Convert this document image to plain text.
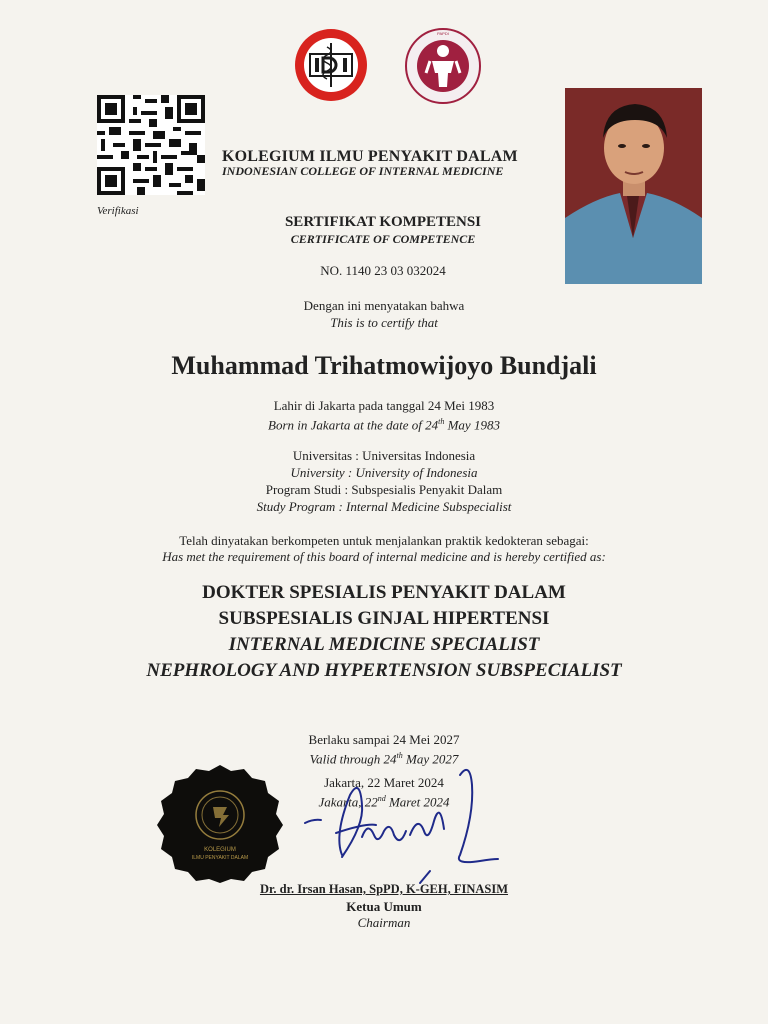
PAPDI
Verifikasi
KOLEGIUM ILMU PENYAKIT DALAM
INDONESIAN COLLEGE OF INTERNAL MEDICINE
SERTIFIKAT KOMPETENSI
CERTIFICATE OF COMPETENCE
NO. 1140 23 03 032024
Dengan ini menyatakan bahwa
This is to certify that
Muhammad Trihatmowijoyo Bundjali
Lahir di Jakarta pada tanggal 24 Mei 1983
Born in Jakarta at the date of 24th May 1983
Universitas : Universitas Indonesia
University : University of Indonesia
Program Studi : Subspesialis Penyakit Dalam
Study Program : Internal Medicine Subspecialist
Telah dinyatakan berkompeten untuk menjalankan praktik kedokteran sebagai:
Has met the requirement of this board of internal medicine and is hereby certified as:
DOKTER SPESIALIS PENYAKIT DALAM
SUBSPESIALIS GINJAL HIPERTENSI
INTERNAL MEDICINE SPECIALIST
NEPHROLOGY AND HYPERTENSION SUBSPECIALIST
Berlaku sampai 24 Mei 2027
Valid through 24th May 2027
Jakarta, 22 Maret 2024
Jakarta, 22nd Maret 2024
KOLEGIUM
ILMU PENYAKIT DALAM
Dr. dr. Irsan Hasan, SpPD, K-GEH, FINASIM
Ketua Umum
Chairman
